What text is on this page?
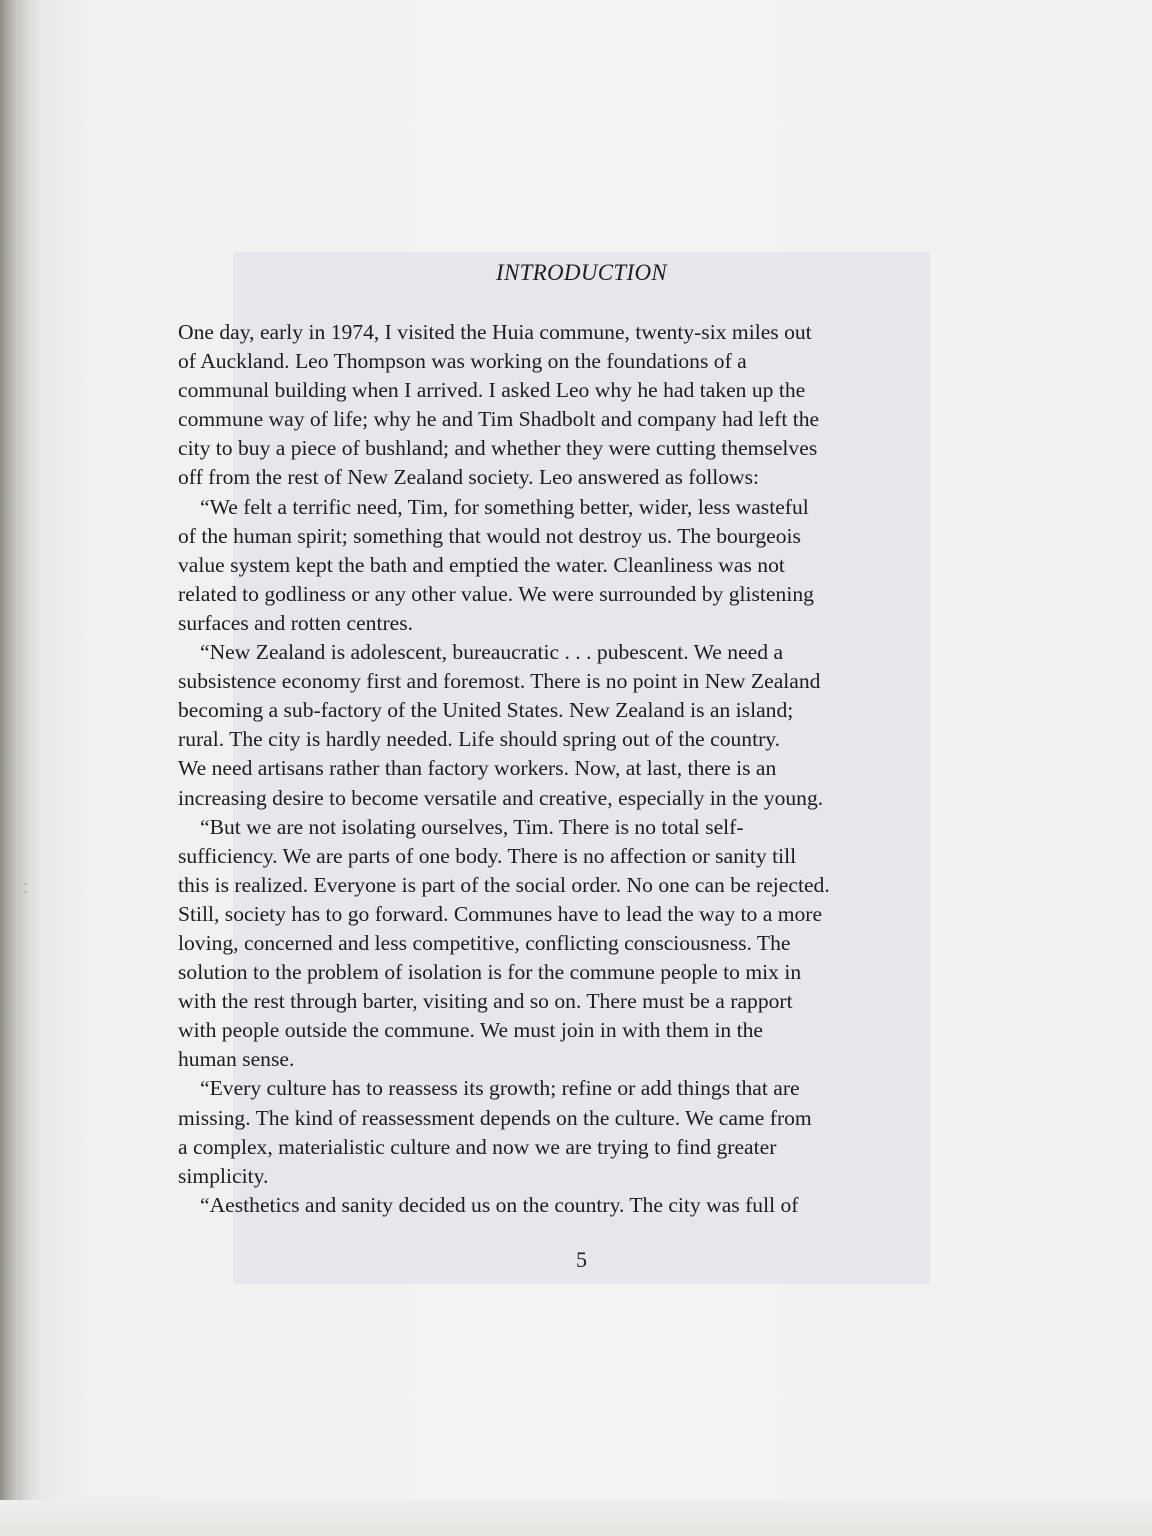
·
˙
INTRODUCTION

One day, early in 1974, I visited the Huia commune, twenty-six miles out
of Auckland. Leo Thompson was working on the foundations of a
communal building when I arrived. I asked Leo why he had taken up the
commune way of life; why he and Tim Shadbolt and company had left the
city to buy a piece of bushland; and whether they were cutting themselves
off from the rest of New Zealand society. Leo answered as follows:

“We felt a terrific need, Tim, for something better, wider, less wasteful
of the human spirit; something that would not destroy us. The bourgeois
value system kept the bath and emptied the water. Cleanliness was not
related to godliness or any other value. We were surrounded by glistening
surfaces and rotten centres.

“New Zealand is adolescent, bureaucratic . . . pubescent. We need a
subsistence economy first and foremost. There is no point in New Zealand
becoming a sub-factory of the United States. New Zealand is an island;
rural. The city is hardly needed. Life should spring out of the country.
We need artisans rather than factory workers. Now, at last, there is an
increasing desire to become versatile and creative, especially in the young.

“But we are not isolating ourselves, Tim. There is no total self-
sufficiency. We are parts of one body. There is no affection or sanity till
this is realized. Everyone is part of the social order. No one can be rejected.
Still, society has to go forward. Communes have to lead the way to a more
loving, concerned and less competitive, conflicting consciousness. The
solution to the problem of isolation is for the commune people to mix in
with the rest through barter, visiting and so on. There must be a rapport
with people outside the commune. We must join in with them in the
human sense.

“Every culture has to reassess its growth; refine or add things that are
missing. The kind of reassessment depends on the culture. We came from
a complex, materialistic culture and now we are trying to find greater
simplicity.

“Aesthetics and sanity decided us on the country. The city was full of

5
